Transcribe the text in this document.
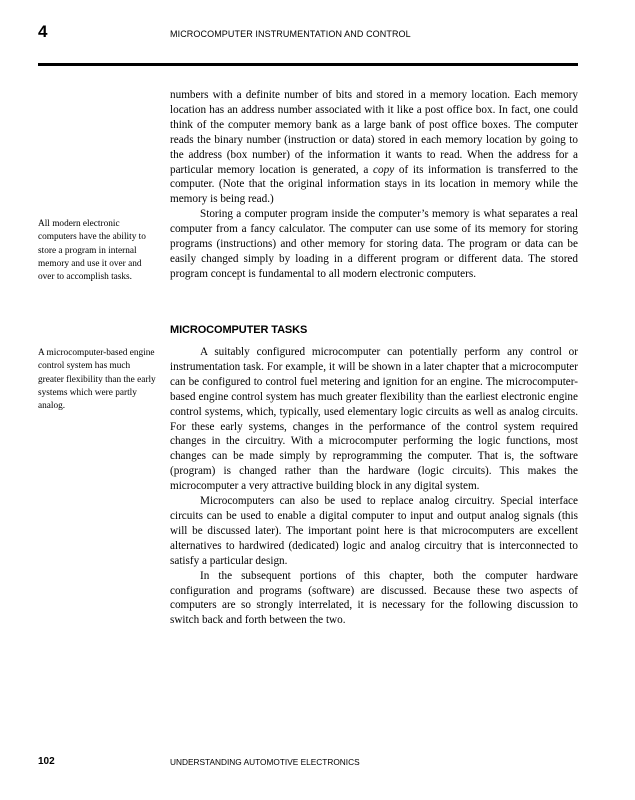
4	MICROCOMPUTER INSTRUMENTATION AND CONTROL

numbers with a definite number of bits and stored in a memory location. Each memory location has an address number associated with it like a post office box. In fact, one could think of the computer memory bank as a large bank of post office boxes. The computer reads the binary number (instruction or data) stored in each memory location by going to the address (box number) of the information it wants to read. When the address for a particular memory location is generated, a copy of its information is transferred to the computer. (Note that the original information stays in its location in memory while the memory is being read.)

Storing a computer program inside the computer’s memory is what separates a real computer from a fancy calculator. The computer can use some of its memory for storing programs (instructions) and other memory for storing data. The program or data can be easily changed simply by loading in a different program or different data. The stored program concept is fundamental to all modern electronic computers.

All modern electronic computers have the ability to store a program in internal memory and use it over and over to accomplish tasks.
MICROCOMPUTER TASKS
A microcomputer-based engine control system has much greater flexibility than the early systems which were partly analog.

A suitably configured microcomputer can potentially perform any control or instrumentation task. For example, it will be shown in a later chapter that a microcomputer can be configured to control fuel metering and ignition for an engine. The microcomputer-based engine control system has much greater flexibility than the earliest electronic engine control systems, which, typically, used elementary logic circuits as well as analog circuits. For these early systems, changes in the performance of the control system required changes in the circuitry. With a microcomputer performing the logic functions, most changes can be made simply by reprogramming the computer. That is, the software (program) is changed rather than the hardware (logic circuits). This makes the microcomputer a very attractive building block in any digital system.

Microcomputers can also be used to replace analog circuitry. Special interface circuits can be used to enable a digital computer to input and output analog signals (this will be discussed later). The important point here is that microcomputers are excellent alternatives to hardwired (dedicated) logic and analog circuitry that is interconnected to satisfy a particular design.

In the subsequent portions of this chapter, both the computer hardware configuration and programs (software) are discussed. Because these two aspects of computers are so strongly interrelated, it is necessary for the following discussion to switch back and forth between the two.

102	UNDERSTANDING AUTOMOTIVE ELECTRONICS
